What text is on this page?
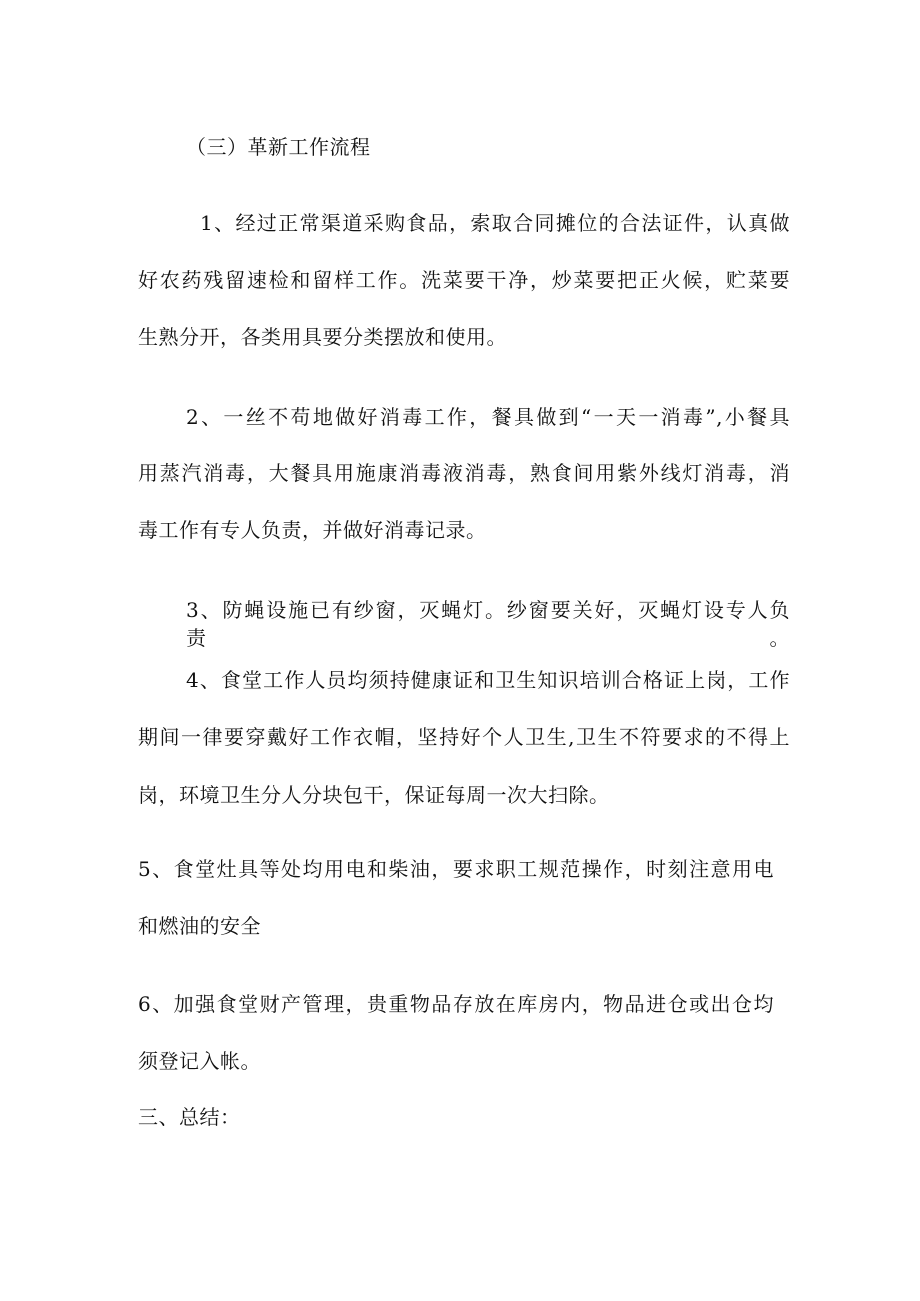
（三）革新工作流程
1、经过正常渠道采购食品，索取合同摊位的合法证件，认真做
好农药残留速检和留样工作。洗菜要干净，炒菜要把正火候，贮菜要
生熟分开，各类用具要分类摆放和使用。
2、一丝不苟地做好消毒工作，餐具做到“一天一消毒”,小餐具
用蒸汽消毒，大餐具用施康消毒液消毒，熟食间用紫外线灯消毒，消
毒工作有专人负责，并做好消毒记录。
3、防蝇设施已有纱窗，灭蝇灯。纱窗要关好，灭蝇灯设专人负责。
4、食堂工作人员均须持健康证和卫生知识培训合格证上岗，工作
期间一律要穿戴好工作衣帽，坚持好个人卫生,卫生不符要求的不得上
岗，环境卫生分人分块包干，保证每周一次大扫除。
5、食堂灶具等处均用电和柴油，要求职工规范操作，时刻注意用电
和燃油的安全
6、加强食堂财产管理，贵重物品存放在库房内，物品进仓或出仓均
须登记入帐。
三、总结：
